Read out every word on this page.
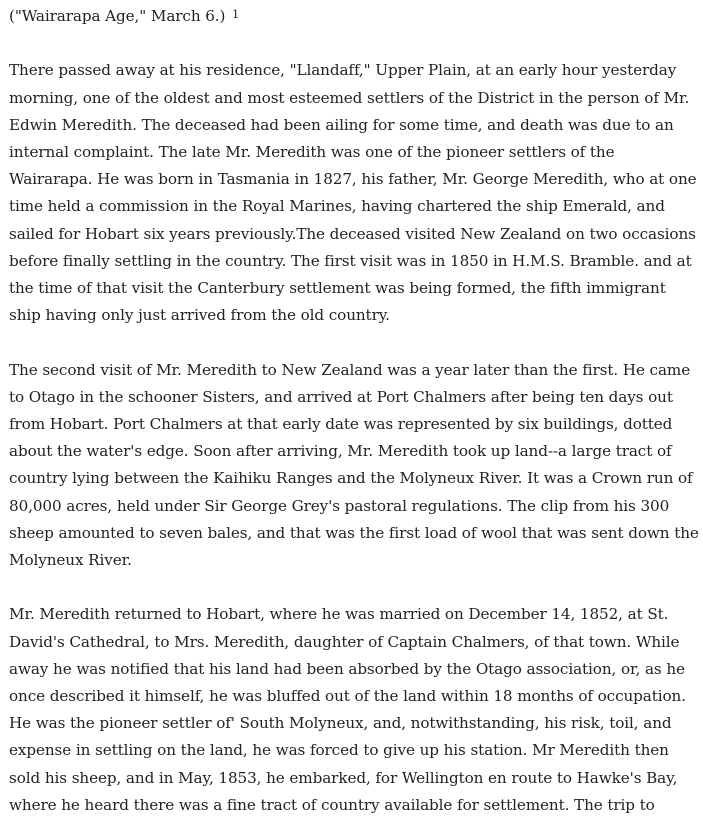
("Wairarapa Age," March 6.) $^1$

There passed away at his residence, "Llandaff," Upper Plain, at an early hour yesterday morning, one of the oldest and most esteemed settlers of the District in the person of Mr. Edwin Meredith. The deceased had been ailing for some time, and death was due to an internal complaint. The late Mr. Meredith was one of the pioneer settlers of the Wairarapa. He was born in Tasmania in 1827, his father, Mr. George Meredith, who at one time held a commission in the Royal Marines, having chartered the ship Emerald, and sailed for Hobart six years previously.The deceased visited New Zealand on two occasions before finally settling in the country. The first visit was in 1850 in H.M.S. Bramble. and at the time of that visit the Canterbury settlement was being formed, the fifth immigrant ship having only just arrived from the old country.

The second visit of Mr. Meredith to New Zealand was a year later than the first. He came to Otago in the schooner Sisters, and arrived at Port Chalmers after being ten days out from Hobart. Port Chalmers at that early date was represented by six buildings, dotted about the water's edge. Soon after arriving, Mr. Meredith took up land--a large tract of country lying between the Kaihiku Ranges and the Molyneux River. It was a Crown run of 80,000 acres, held under Sir George Grey's pastoral regulations. The clip from his 300 sheep amounted to seven bales, and that was the first load of wool that was sent down the Molyneux River.

Mr. Meredith returned to Hobart, where he was married on December 14, 1852, at St. David's Cathedral, to Mrs. Meredith, daughter of Captain Chalmers, of that town. While away he was notified that his land had been absorbed by the Otago association, or, as he once described it himself, he was bluffed out of the land within 18 months of occupation. He was the pioneer settler of' South Molyneux, and, notwithstanding, his risk, toil, and expense in settling on the land, he was forced to give up his station. Mr Meredith then sold his sheep, and in May, 1853, he embarked, for Wellington en route to Hawke's Bay, where he heard there was a fine tract of country available for settlement. The trip to
